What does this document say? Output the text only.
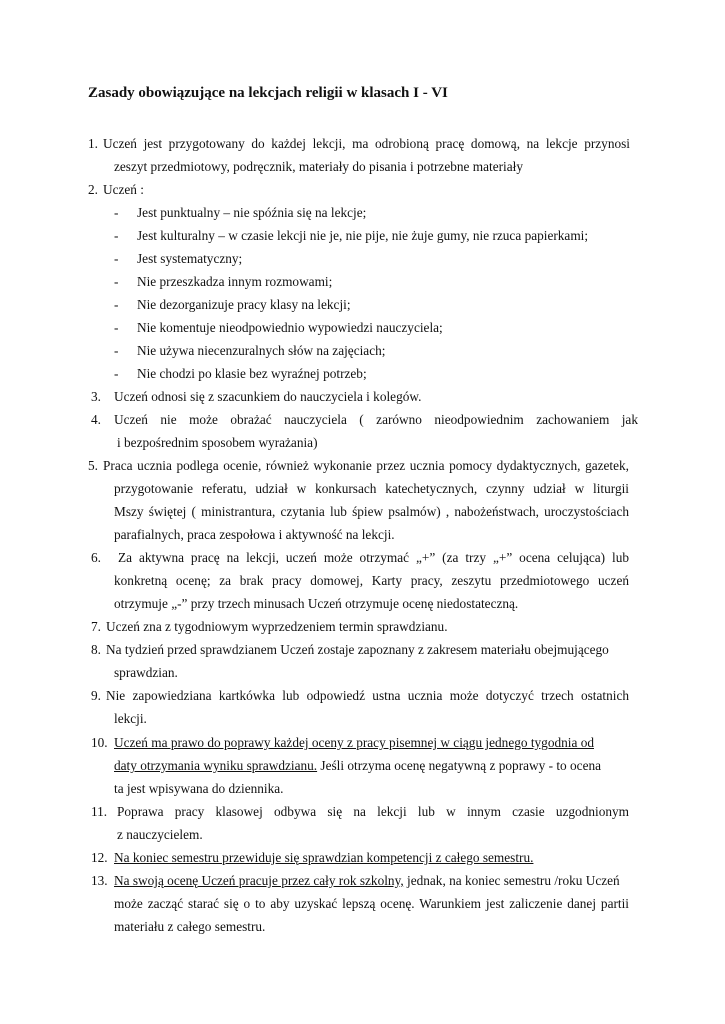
Zasady obowiązujące na lekcjach religii w klasach I - VI
1. Uczeń jest przygotowany do każdej lekcji, ma odrobioną pracę domową, na lekcje przynosi
zeszyt przedmiotowy, podręcznik, materiały do pisania i potrzebne materiały
2. Uczeń :
- Jest punktualny – nie spóźnia się na lekcje;
- Jest kulturalny – w czasie lekcji nie je, nie pije, nie żuje gumy, nie rzuca papierkami;
- Jest systematyczny;
- Nie przeszkadza innym rozmowami;
- Nie dezorganizuje pracy klasy na lekcji;
- Nie komentuje nieodpowiednio wypowiedzi nauczyciela;
- Nie używa niecenzuralnych słów na zajęciach;
- Nie chodzi po klasie bez wyraźnej potrzeb;
3. Uczeń odnosi się z szacunkiem do nauczyciela i kolegów.
4. Uczeń nie może obrażać nauczyciela ( zarówno nieodpowiednim zachowaniem jak
i bezpośrednim sposobem wyrażania)
5. Praca ucznia podlega ocenie, również wykonanie przez ucznia pomocy dydaktycznych, gazetek,
przygotowanie referatu, udział w konkursach katechetycznych, czynny udział w liturgii
Mszy świętej ( ministrantura, czytania lub śpiew psalmów) , nabożeństwach, uroczystościach
parafialnych, praca zespołowa i aktywność na lekcji.
6. Za aktywna pracę na lekcji, uczeń może otrzymać „+” (za trzy „+” ocena celująca) lub
konkretną ocenę; za brak pracy domowej, Karty pracy, zeszytu przedmiotowego uczeń
otrzymuje „-” przy trzech minusach Uczeń otrzymuje ocenę niedostateczną.
7. Uczeń zna z tygodniowym wyprzedzeniem termin sprawdzianu.
8. Na tydzień przed sprawdzianem Uczeń zostaje zapoznany z zakresem materiału obejmującego
sprawdzian.
9. Nie zapowiedziana kartkówka lub odpowiedź ustna ucznia może dotyczyć trzech ostatnich
lekcji.
10. Uczeń ma prawo do poprawy każdej oceny z pracy pisemnej w ciągu jednego tygodnia od
daty otrzymania wyniku sprawdzianu. Jeśli otrzyma ocenę negatywną z poprawy - to ocena
ta jest wpisywana do dziennika.
11. Poprawa pracy klasowej odbywa się na lekcji lub w innym czasie uzgodnionym
z nauczycielem.
12. Na koniec semestru przewiduje się sprawdzian kompetencji z całego semestru.
13. Na swoją ocenę Uczeń pracuje przez cały rok szkolny, jednak, na koniec semestru /roku Uczeń
może zacząć starać się o to aby uzyskać lepszą ocenę. Warunkiem jest zaliczenie danej partii
materiału z całego semestru.
